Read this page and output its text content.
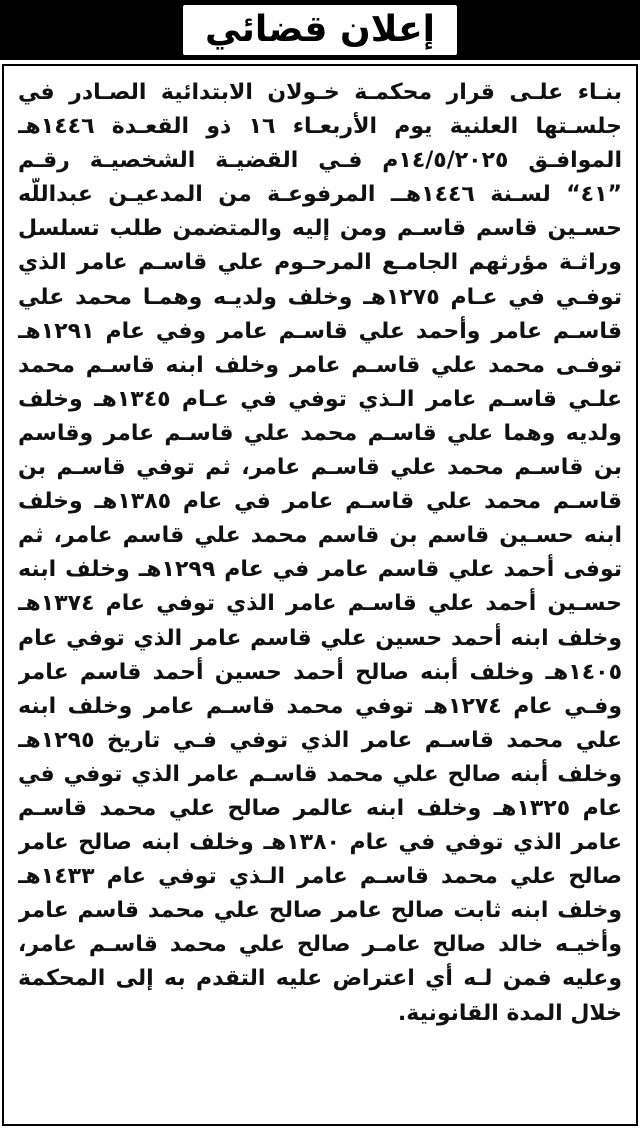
إعلان قضائي
بنـاء علـى قرار محكمـة خـولان الابتدائية الصـادر في
جلسـتها العلنية يوم الأربعـاء ١٦ ذو القعـدة ١٤٤٦هـ
الموافـق ١٤/٥/٢٠٢٥م فـي القضيـة الشخصيـة رقـم
”٤١“ لسـنة ١٤٤٦هــ المرفوعـة من المدعيـن عبداللّه
حسـين قاسم قاسـم ومن إليه والمتضمن طلب تسلسل
وراثـة مؤرثهم الجامـع المرحـوم علي قاسـم عامر الذي
توفـي في عـام ١٢٧٥هـ وخلف ولديـه وهمـا محمد علي
قاسـم عامر وأحمد علي قاسـم عامر وفي عام ١٢٩١هـ
توفـى محمد علي قاسـم عامر وخلف ابنه قاسـم محمد
علـي قاسـم عامر الـذي توفي في عـام ١٣٤٥هـ وخلف
ولديه وهما علي قاسـم محمد علي قاسـم عامر وقاسم
بن قاسـم محمد علي قاسـم عامر، ثم توفي قاسـم بن
قاسـم محمد علي قاسـم عامر في عام ١٣٨٥هـ وخلف
ابنه حسـين قاسم بن قاسم محمد علي قاسم عامر، ثم
توفى أحمد علي قاسم عامر في عام ١٢٩٩هـ وخلف ابنه
حسـين أحمد علي قاسـم عامر الذي توفي عام ١٣٧٤هـ
وخلف ابنه أحمد حسين علي قاسم عامر الذي توفي عام
١٤٠٥هـ وخلف أبنه صالح أحمد حسين أحمد قاسم عامر
وفـي عام ١٢٧٤هـ توفي محمد قاسـم عامر وخلف ابنه
علي محمد قاسـم عامر الذي توفي فـي تاريخ ١٢٩٥هـ
وخلف أبنه صالح علي محمد قاسـم عامر الذي توفي في
عام ١٣٢٥هـ وخلف ابنه عالمر صالح علي محمد قاسـم
عامر الذي توفي في عام ١٣٨٠هـ وخلف ابنه صالح عامر
صالح علي محمد قاسـم عامر الـذي توفي عام ١٤٣٣هـ
وخلف ابنه ثابت صالح عامر صالح علي محمد قاسم عامر
وأخيـه خالد صالح عامـر صالح علي محمد قاسـم عامر،
وعليه فمن لـه أي اعتراض عليه التقدم به إلى المحكمة
خلال المدة القانونية.
